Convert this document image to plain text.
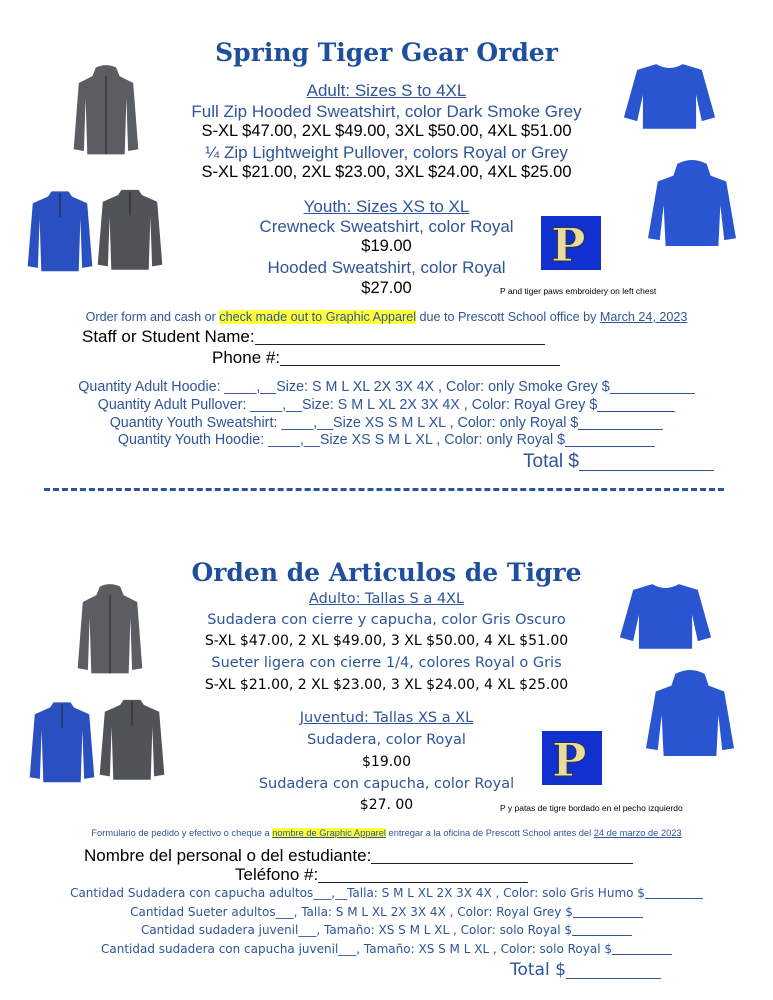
P
Spring Tiger Gear Order
Adult: Sizes S to 4XL
Full Zip Hooded Sweatshirt, color Dark Smoke Grey
S-XL $47.00, 2XL $49.00, 3XL $50.00, 4XL $51.00
¼ Zip Lightweight Pullover, colors Royal or Grey
S-XL $21.00, 2XL $23.00, 3XL $24.00, 4XL $25.00
Youth: Sizes XS to XL
Crewneck Sweatshirt, color Royal
$19.00
Hooded Sweatshirt, color Royal
$27.00	P and tiger paws embroidery on left chest
Order form and cash or check made out to Graphic Apparel due to Prescott School office by March 24, 2023
Staff or Student Name:
Phone #:
Quantity Adult Hoodie: ____,__Size: S M L XL 2X 3X 4X , Color: only Smoke Grey $
Quantity Adult Pullover: ____,__Size: S M L XL 2X 3X 4X , Color: Royal Grey $
Quantity Youth Sweatshirt: ____,__Size XS S M L XL , Color: only Royal $
Quantity Youth Hoodie: ____,__Size XS S M L XL , Color: only Royal $
Total $
P
Orden de Articulos de Tigre
Adulto: Tallas S a 4XL
Sudadera con cierre y capucha, color Gris Oscuro
S-XL $47.00, 2 XL $49.00, 3 XL $50.00, 4 XL $51.00
Sueter ligera con cierre 1/4, colores Royal o Gris
S-XL $21.00, 2 XL $23.00, 3 XL $24.00, 4 XL $25.00
Juventud: Tallas XS a XL
Sudadera, color Royal
$19.00
Sudadera con capucha, color Royal
$27. 00	P y patas de tigre bordado en el pecho izquierdo
Formulario de pedido y efectivo o cheque a nombre de Graphic Apparel entregar a la oficina de Prescott School antes del 24 de marzo de 2023
Nombre del personal o del estudiante:
Teléfono #:
Cantidad Sudadera con capucha adultos___,__Talla: S M L XL 2X 3X 4X , Color: solo Gris Humo $
Cantidad Sueter adultos___, Talla: S M L XL 2X 3X 4X , Color: Royal Grey $
Cantidad sudadera juvenil___, Tamaño: XS S M L XL , Color: solo Royal $
Cantidad sudadera con capucha juvenil___, Tamaño: XS S M L XL , Color: solo Royal $
Total $
